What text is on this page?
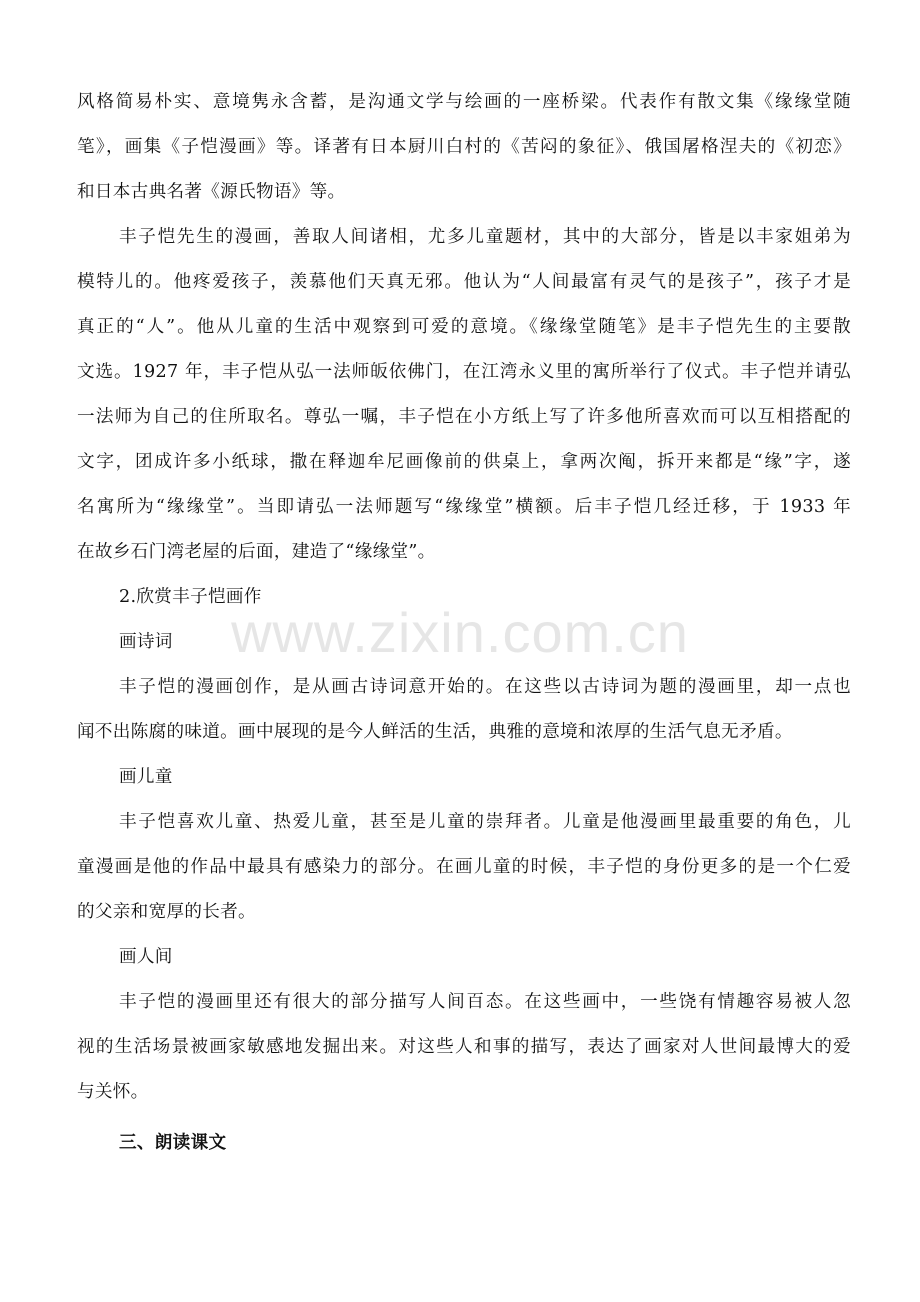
风格简易朴实、意境隽永含蓄，是沟通文学与绘画的一座桥梁。代表作有散文集《缘缘堂随
笔》，画集《子恺漫画》等。译著有日本厨川白村的《苦闷的象征》、俄国屠格涅夫的《初恋》
和日本古典名著《源氏物语》等。
丰子恺先生的漫画，善取人间诸相，尤多儿童题材，其中的大部分，皆是以丰家姐弟为
模特儿的。他疼爱孩子，羡慕他们天真无邪。他认为“人间最富有灵气的是孩子”，孩子才是
真正的“人”。他从儿童的生活中观察到可爱的意境。《缘缘堂随笔》是丰子恺先生的主要散
文选。1927 年，丰子恺从弘一法师皈依佛门，在江湾永义里的寓所举行了仪式。丰子恺并请弘
一法师为自己的住所取名。尊弘一嘱，丰子恺在小方纸上写了许多他所喜欢而可以互相搭配的
文字，团成许多小纸球，撒在释迦牟尼画像前的供桌上，拿两次阄，拆开来都是“缘”字，遂
名寓所为“缘缘堂”。当即请弘一法师题写“缘缘堂”横额。后丰子恺几经迁移，于 1933 年
在故乡石门湾老屋的后面，建造了“缘缘堂”。
2.欣赏丰子恺画作
画诗词
丰子恺的漫画创作，是从画古诗词意开始的。在这些以古诗词为题的漫画里，却一点也
闻不出陈腐的味道。画中展现的是今人鲜活的生活，典雅的意境和浓厚的生活气息无矛盾。
画儿童
丰子恺喜欢儿童、热爱儿童，甚至是儿童的崇拜者。儿童是他漫画里最重要的角色，儿
童漫画是他的作品中最具有感染力的部分。在画儿童的时候，丰子恺的身份更多的是一个仁爱
的父亲和宽厚的长者。
画人间
丰子恺的漫画里还有很大的部分描写人间百态。在这些画中，一些饶有情趣容易被人忽
视的生活场景被画家敏感地发掘出来。对这些人和事的描写，表达了画家对人世间最博大的爱
与关怀。
三、朗读课文
www.zixin.com.cn
